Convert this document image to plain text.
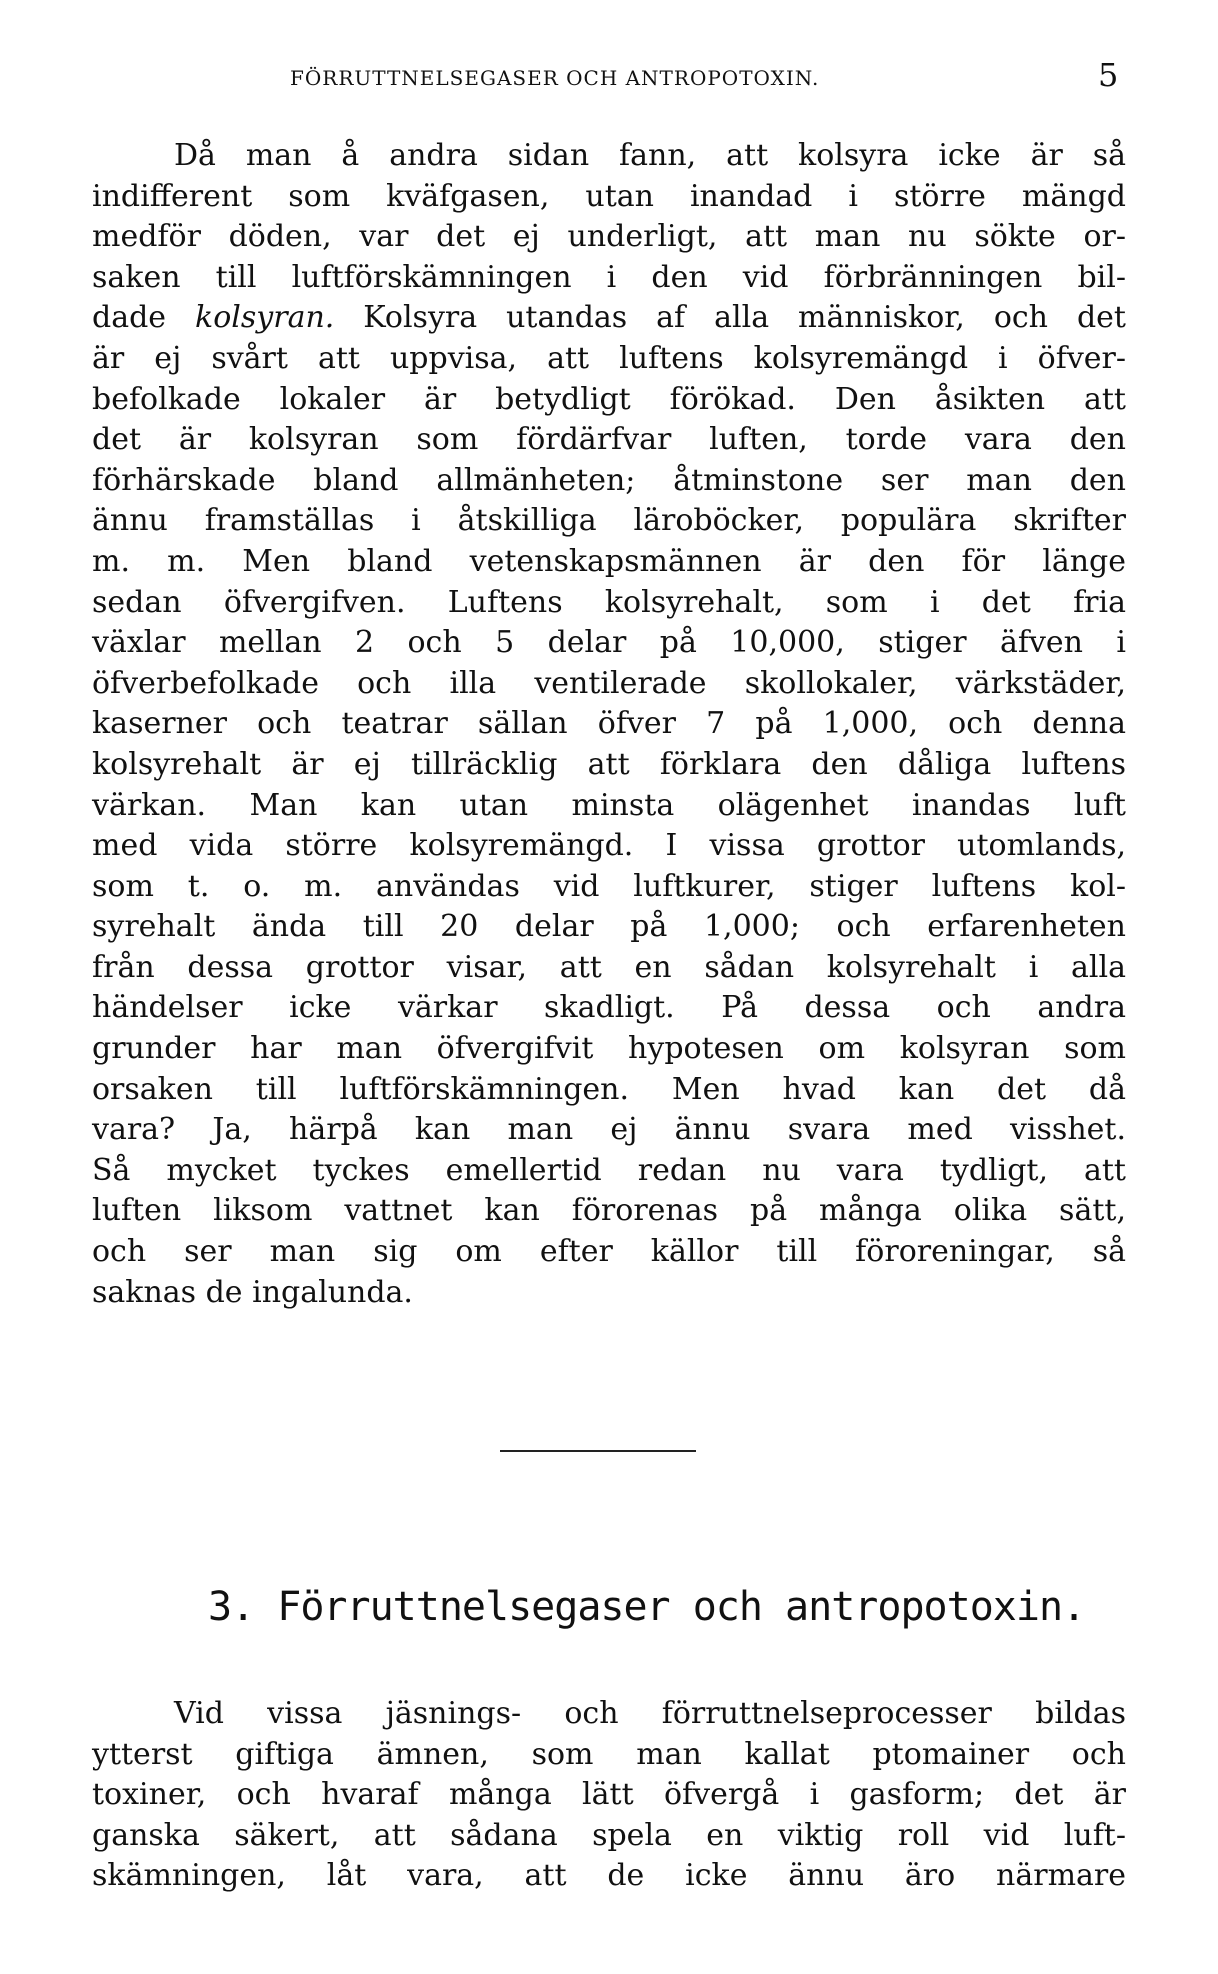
FÖRRUTTNELSEGASER OCH ANTROPOTOXIN.	5
Då man å andra sidan fann, att kolsyra icke är så
indifferent som kväfgasen, utan inandad i större mängd
medför döden, var det ej underligt, att man nu sökte or-
saken till luftförskämningen i den vid förbränningen bil-
dade kolsyran. Kolsyra utandas af alla människor, och det
är ej svårt att uppvisa, att luftens kolsyremängd i öfver-
befolkade lokaler är betydligt förökad. Den åsikten att
det är kolsyran som fördärfvar luften, torde vara den
förhärskade bland allmänheten; åtminstone ser man den
ännu framställas i åtskilliga läroböcker, populära skrifter
m. m. Men bland vetenskapsmännen är den för länge
sedan öfvergifven. Luftens kolsyrehalt, som i det fria
växlar mellan 2 och 5 delar på 10,000, stiger äfven i
öfverbefolkade och illa ventilerade skollokaler, värkstäder,
kaserner och teatrar sällan öfver 7 på 1,000, och denna
kolsyrehalt är ej tillräcklig att förklara den dåliga luftens
värkan. Man kan utan minsta olägenhet inandas luft
med vida större kolsyremängd. I vissa grottor utomlands,
som t. o. m. användas vid luftkurer, stiger luftens kol-
syrehalt ända till 20 delar på 1,000; och erfarenheten
från dessa grottor visar, att en sådan kolsyrehalt i alla
händelser icke värkar skadligt. På dessa och andra
grunder har man öfvergifvit hypotesen om kolsyran som
orsaken till luftförskämningen. Men hvad kan det då
vara? Ja, härpå kan man ej ännu svara med visshet.
Så mycket tyckes emellertid redan nu vara tydligt, att
luften liksom vattnet kan förorenas på många olika sätt,
och ser man sig om efter källor till föroreningar, så
saknas de ingalunda.
3. Förruttnelsegaser och antropotoxin.
Vid vissa jäsnings- och förruttnelseprocesser bildas
ytterst giftiga ämnen, som man kallat ptomainer och
toxiner, och hvaraf många lätt öfvergå i gasform; det är
ganska säkert, att sådana spela en viktig roll vid luft-
skämningen, låt vara, att de icke ännu äro närmare
